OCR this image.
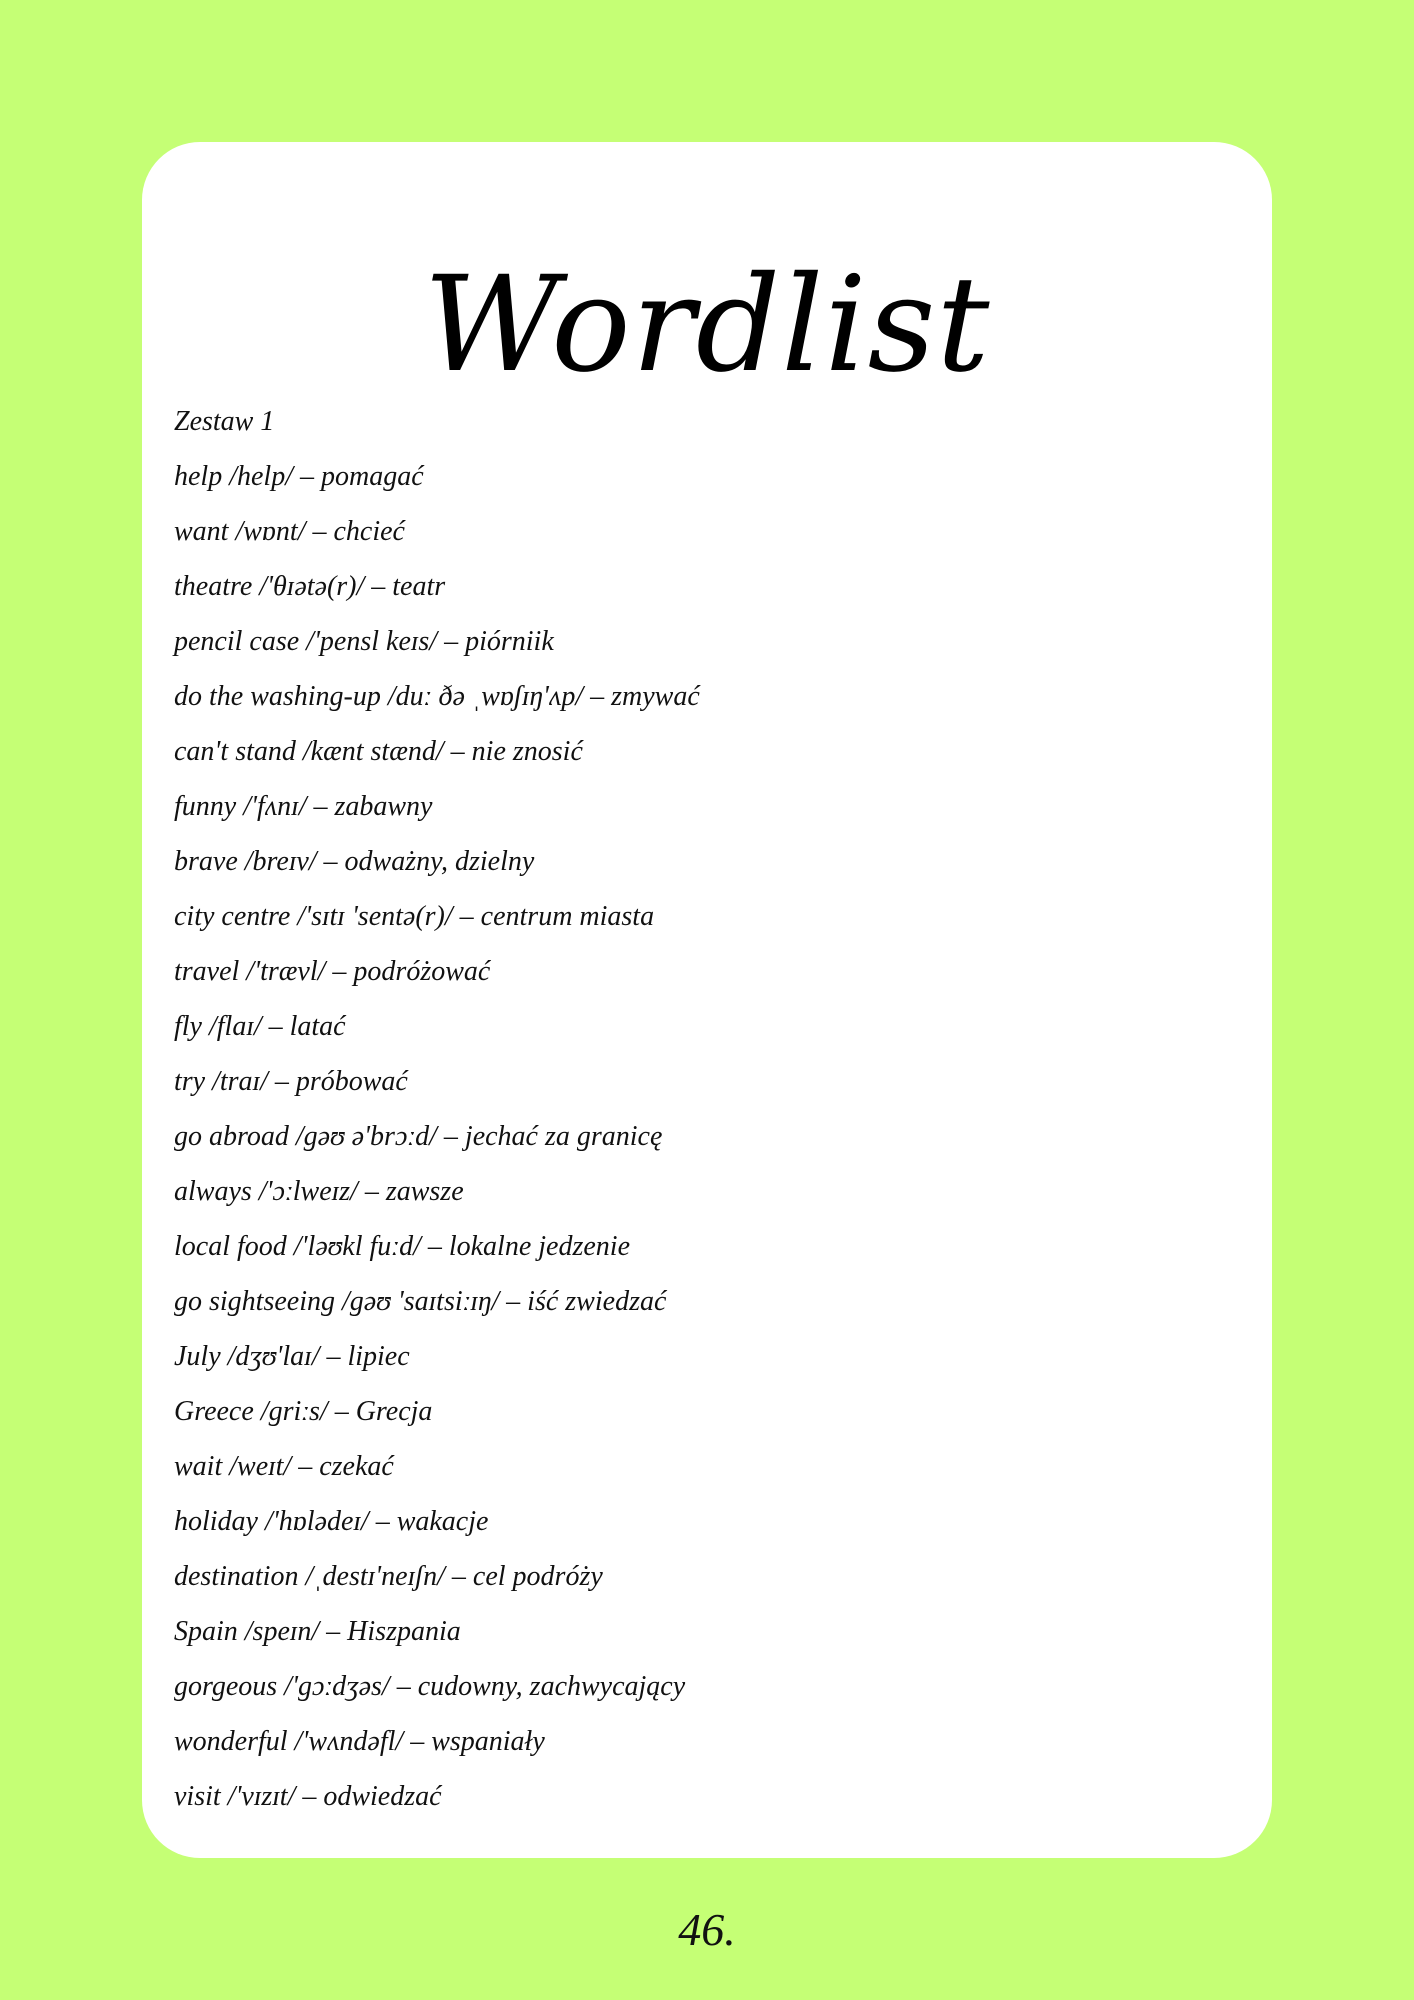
Wordlist
Zestaw 1
help /help/ – pomagać
want /wɒnt/ – chcieć
theatre /'θɪətə(r)/ – teatr
pencil case /'pensl keɪs/ – piórniik
do the washing-up /duː ðə ˌwɒʃɪŋ'ʌp/ – zmywać
can't stand /kænt stænd/ – nie znosić
funny /'fʌnɪ/ – zabawny
brave /breɪv/ – odważny, dzielny
city centre /'sɪtɪ 'sentə(r)/ – centrum miasta
travel /'trævl/ – podróżować
fly /flaɪ/ – latać
try /traɪ/ – próbować
go abroad /gəʊ ə'brɔːd/ – jechać za granicę
always /'ɔːlweɪz/ – zawsze
local food /'ləʊkl fuːd/ – lokalne jedzenie
go sightseeing /gəʊ 'saɪtsiːɪŋ/ – iść zwiedzać
July /dʒʊ'laɪ/ – lipiec
Greece /griːs/ – Grecja
wait /weɪt/ – czekać
holiday /'hɒlədeɪ/ – wakacje
destination /ˌdestɪ'neɪʃn/ – cel podróży
Spain /speɪn/ – Hiszpania
gorgeous /'gɔːdʒəs/ – cudowny, zachwycający
wonderful /'wʌndəfl/ – wspaniały
visit /'vɪzɪt/ – odwiedzać
46.
